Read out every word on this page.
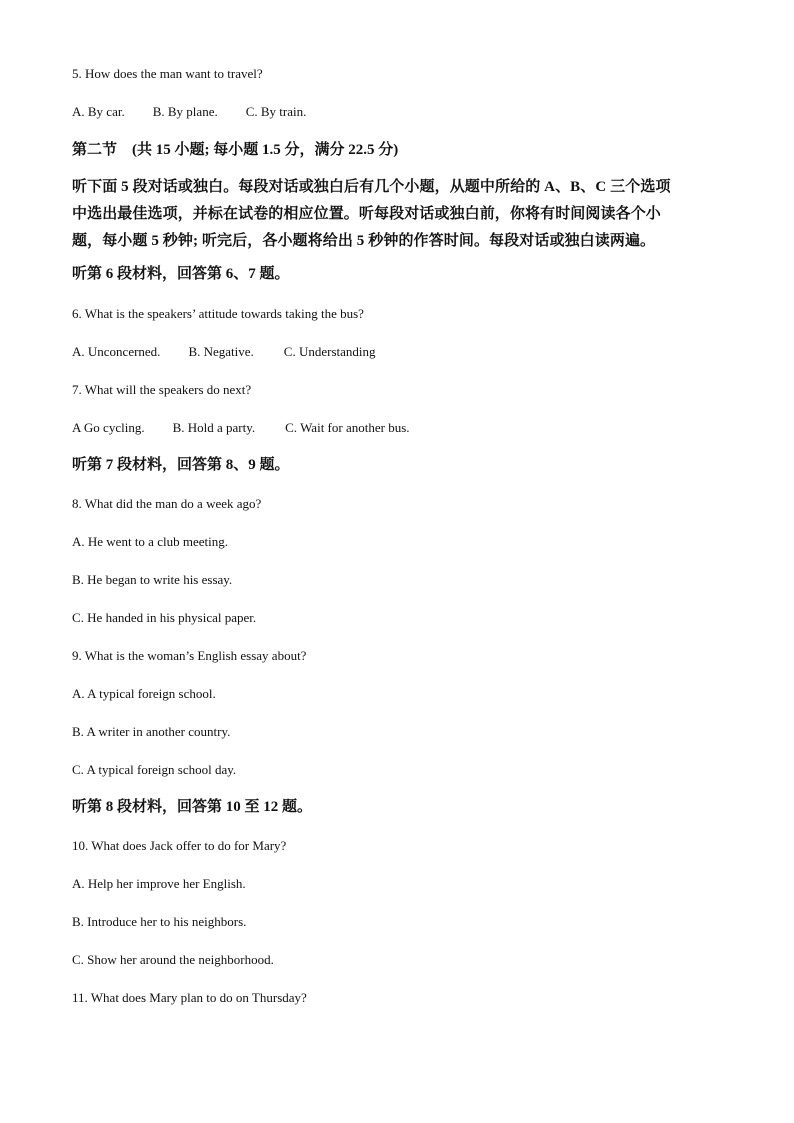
5. How does the man want to travel?
A. By car. B. By plane. C. By train.
第二节　(共 15 小题; 每小题 1.5 分，满分 22.5 分)
听下面 5 段对话或独白。每段对话或独白后有几个小题，从题中所给的 A、B、C 三个选项
中选出最佳选项，并标在试卷的相应位置。听每段对话或独白前，你将有时间阅读各个小
题，每小题 5 秒钟; 听完后，各小题将给出 5 秒钟的作答时间。每段对话或独白读两遍。
听第 6 段材料，回答第 6、7 题。
6. What is the speakers’ attitude towards taking the bus?
A. Unconcerned. B. Negative. C. Understanding
7. What will the speakers do next?
A Go cycling. B. Hold a party. C. Wait for another bus.
听第 7 段材料，回答第 8、9 题。
8. What did the man do a week ago?
A. He went to a club meeting.
B. He began to write his essay.
C. He handed in his physical paper.
9. What is the woman’s English essay about?
A. A typical foreign school.
B. A writer in another country.
C. A typical foreign school day.
听第 8 段材料，回答第 10 至 12 题。
10. What does Jack offer to do for Mary?
A. Help her improve her English.
B. Introduce her to his neighbors.
C. Show her around the neighborhood.
11. What does Mary plan to do on Thursday?
